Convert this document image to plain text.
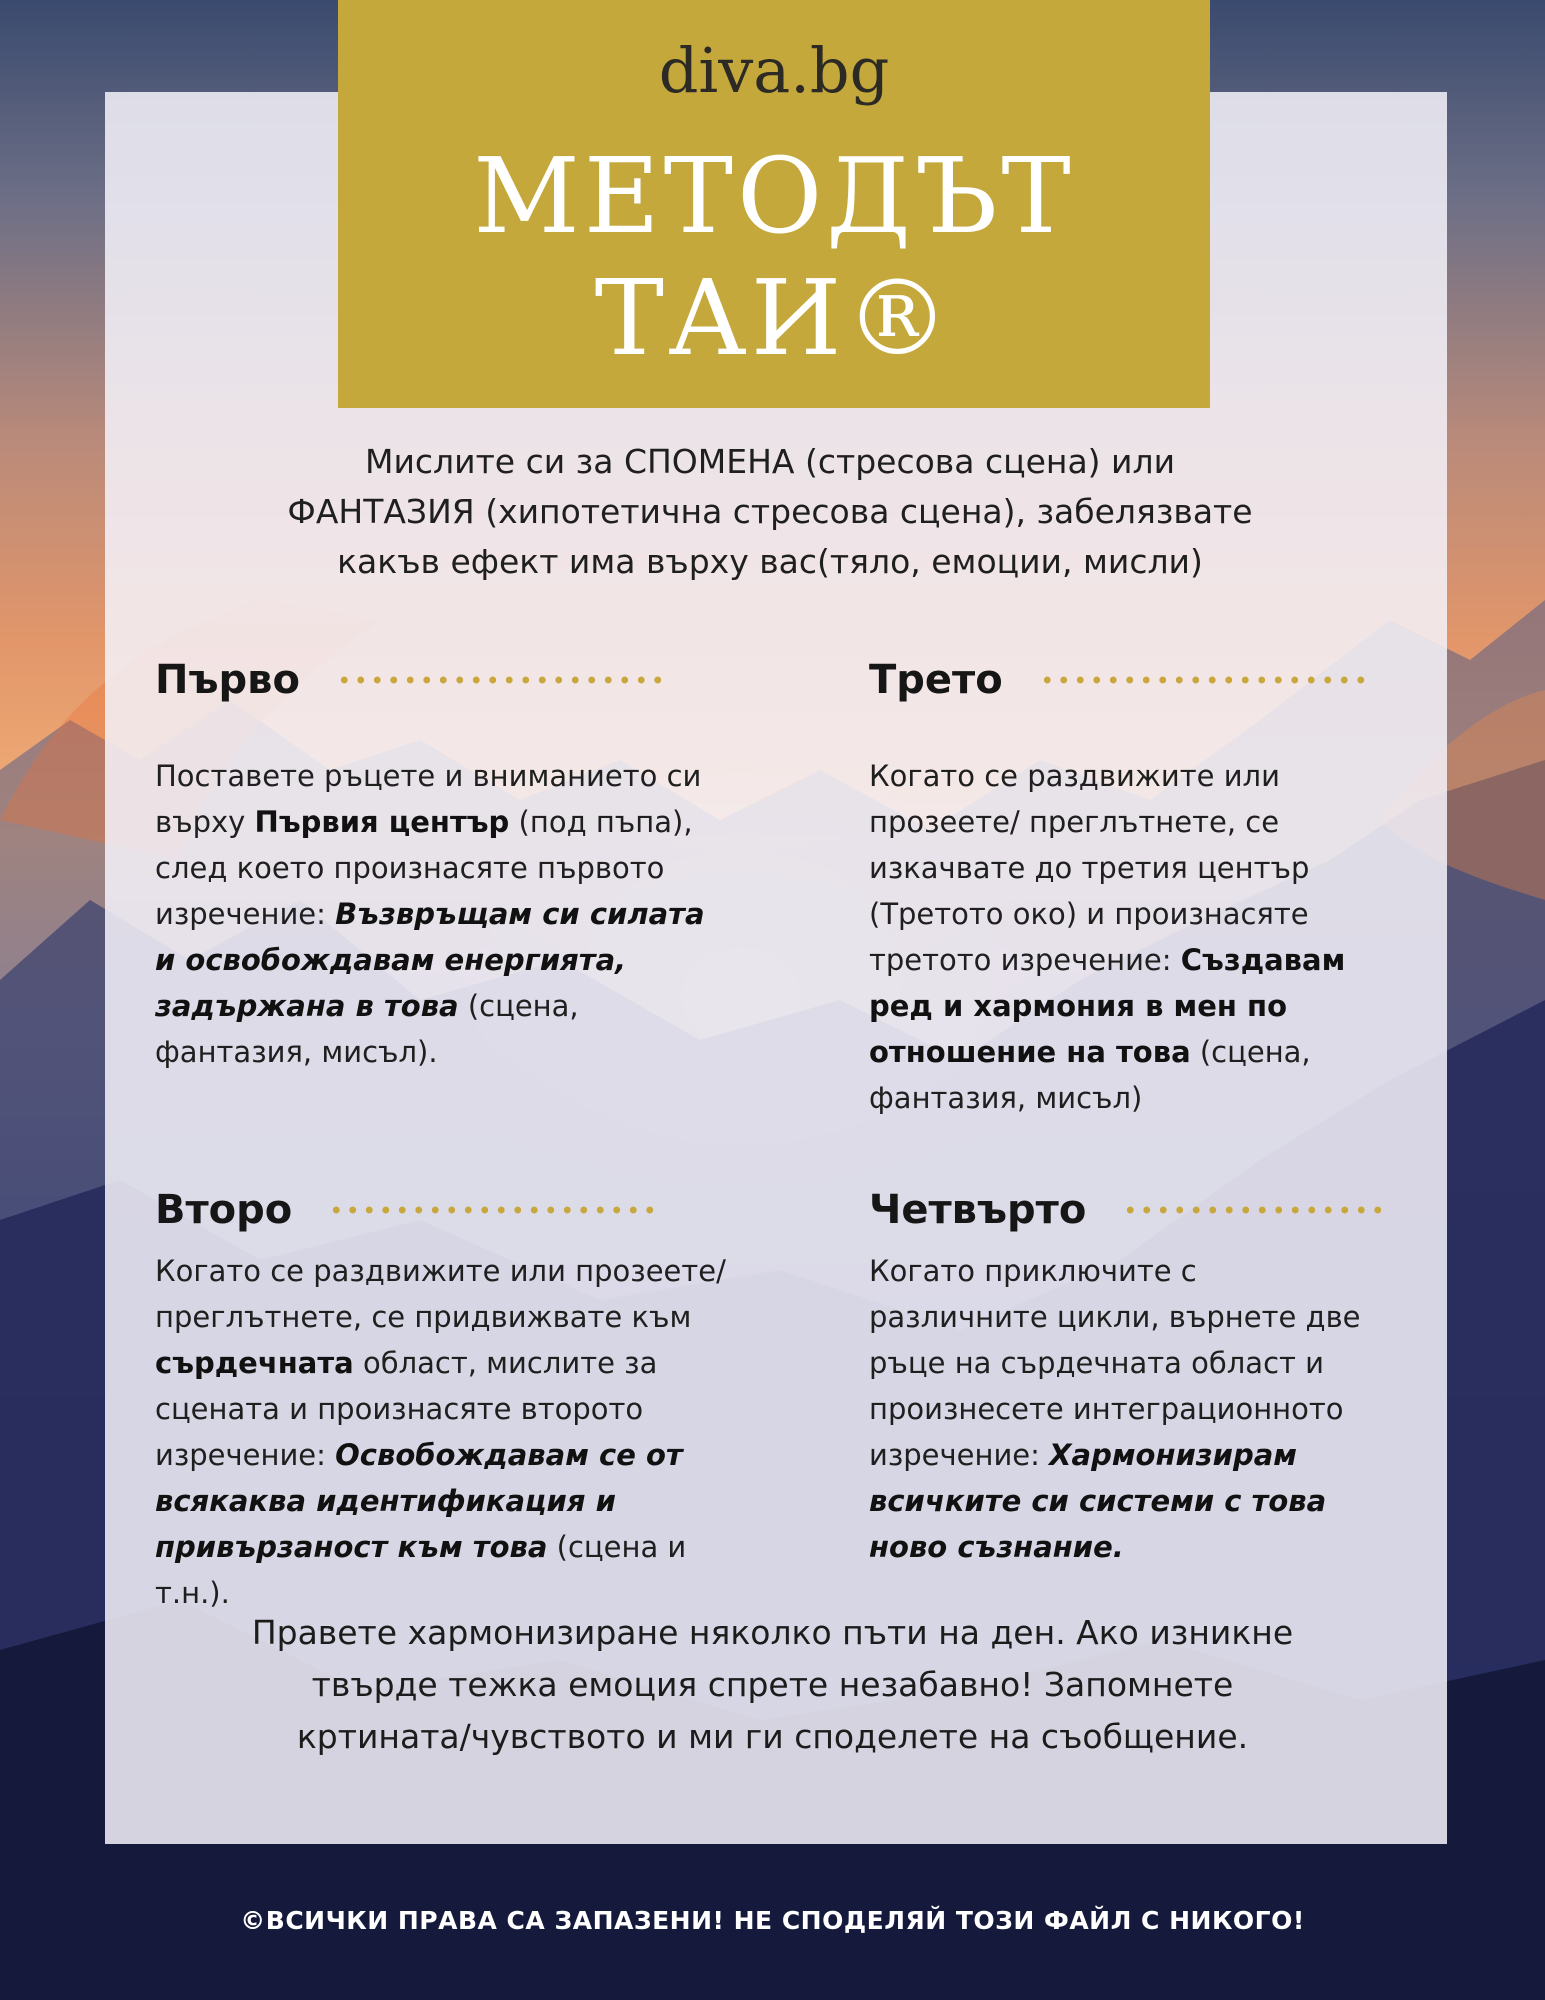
diva.bg
МЕТОДЪТ
ТАИ®
Мислите си за СПОМЕНА (стресова сцена) или
ФАНТАЗИЯ (хипотетична стресова сцена), забелязвате
какъв ефект има върху вас(тяло, емоции, мисли)
Първо

Поставете ръцете и вниманието си

върху Първия център (под пъпа),

след което произнасяте първото

изречение: Възвръщам си силата

и освобождавам енергията,

задържана в това (сцена,

фантазия, мисъл).

Второ

Когато се раздвижите или прозеете/

преглътнете, се придвижвате към

сърдечната област, мислите за

сцената и произнасяте второто

изречение: Освобождавам се от

всякаква идентификация и

привързаност към това (сцена и т.н.).

Трето

Когато се раздвижите или

прозеете/ преглътнете, се

изкачвате до третия център

(Третото око) и произнасяте

третото изречение: Създавам

ред и хармония в мен по

отношение на това (сцена,

фантазия, мисъл)

Четвърто

Когато приключите с

различните цикли, върнете две

ръце на сърдечната област и

произнесете интеграционното

изречение: Хармонизирам

всичките си системи с това

ново съзнание.

Правете хармонизиране няколко пъти на ден. Ако изникне
твърде тежка емоция спрете незабавно! Запомнете
кртината/чувството и ми ги споделете на съобщение.
©ВСИЧКИ ПРАВА СА ЗАПАЗЕНИ! НЕ СПОДЕЛЯЙ ТОЗИ ФАЙЛ С НИКОГО!
